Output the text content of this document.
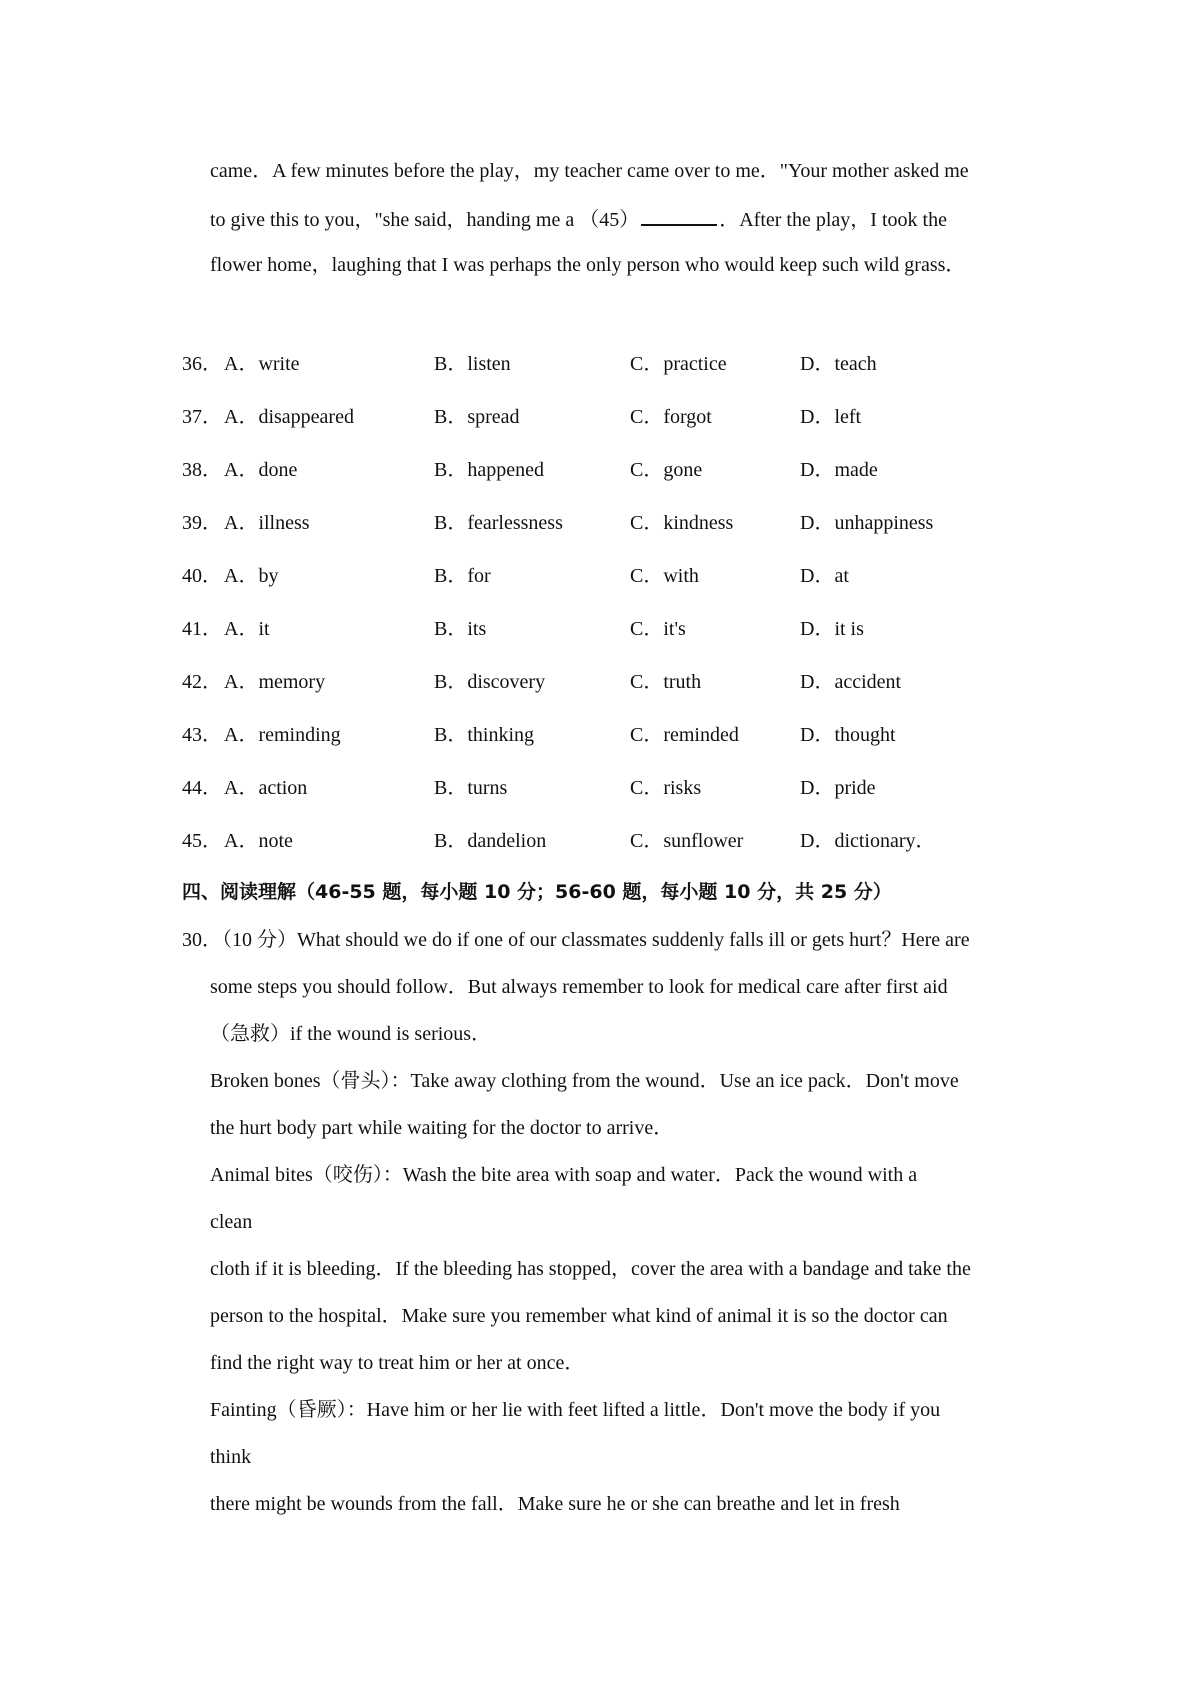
came．A few minutes before the play，my teacher came over to me．"Your mother asked me
to give this to you，"she said，handing me a （45）	．After the play，I took the
flower home，laughing that I was perhaps the only person who would keep such wild grass．
36． A．write	B．listen	C．practice	D．teach
37． A．disappeared	B．spread	C．forgot	D．left
38． A．done	B．happened	C．gone	D．made
39． A．illness	B．fearlessness	C．kindness	D．unhappiness
40． A．by	B．for	C．with	D．at
41． A．it	B．its	C．it's	D．it is
42． A．memory	B．discovery	C．truth	D．accident
43． A．reminding	B．thinking	C．reminded	D．thought
44． A．action	B．turns	C．risks	D．pride
45． A．note	B．dandelion	C．sunflower	D．dictionary．
四、阅读理解（46-55 题，每小题 10 分；56-60 题，每小题 10 分，共 25 分）
30．（10 分）What should we do if one of our classmates suddenly falls ill or gets hurt？Here are
some steps you should follow．But always remember to look for medical care after first aid
（急救）if the wound is serious．
Broken bones（骨头）：Take away clothing from the wound．Use an ice pack．Don't move
the hurt body part while waiting for the doctor to arrive．
Animal bites（咬伤）：Wash the bite area with soap and water．Pack the wound with a
clean
cloth if it is bleeding．If the bleeding has stopped，cover the area with a bandage and take the
person to the hospital．Make sure you remember what kind of animal it is so the doctor can
find the right way to treat him or her at once．
Fainting（昏厥）：Have him or her lie with feet lifted a little．Don't move the body if you
think
there might be wounds from the fall．Make sure he or she can breathe and let in fresh
